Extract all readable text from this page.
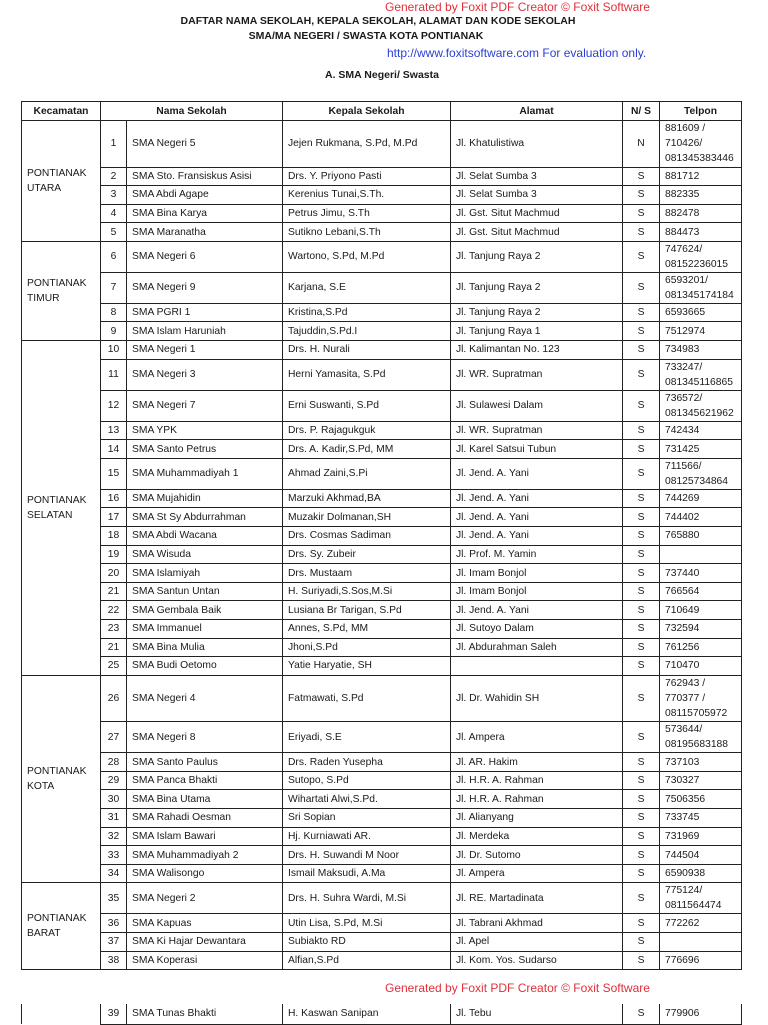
Generated by Foxit PDF Creator © Foxit Software
DAFTAR NAMA SEKOLAH, KEPALA SEKOLAH, ALAMAT DAN KODE SEKOLAH
SMA/MA NEGERI / SWASTA KOTA PONTIANAK
http://www.foxitsoftware.com For evaluation only.
A. SMA Negeri/ Swasta
Kecamatan	Nama Sekolah		Kepala Sekolah	Alamat	N/ S	Telpon
PONTIANAK
UTARA	1	SMA Negeri 5	Jejen Rukmana, S.Pd, M.Pd	Jl. Khatulistiwa	N	881609 /
710426/
081345383446
	2	SMA Sto. Fransiskus Asisi	Drs. Y. Priyono Pasti	Jl. Selat Sumba 3	S	881712
	3	SMA Abdi Agape	Kerenius Tunai,S.Th.	Jl. Selat Sumba 3	S	882335
	4	SMA Bina Karya	Petrus Jimu, S.Th	Jl. Gst. Situt Machmud	S	882478
	5	SMA Maranatha	Sutikno Lebani,S.Th	Jl. Gst. Situt Machmud	S	884473
PONTIANAK
TIMUR	6	SMA Negeri 6	Wartono, S.Pd, M.Pd	Jl. Tanjung Raya 2	S	747624/
08152236015
	7	SMA Negeri 9	Karjana, S.E	Jl. Tanjung Raya 2	S	6593201/
081345174184
	8	SMA PGRI 1	Kristina,S.Pd	Jl. Tanjung Raya 2	S	6593665
	9	SMA Islam Haruniah	Tajuddin,S.Pd.I	Jl. Tanjung Raya 1	S	7512974
PONTIANAK
SELATAN	10	SMA Negeri 1	Drs. H. Nurali	Jl. Kalimantan No. 123	S	734983
	11	SMA Negeri 3	Herni Yamasita, S.Pd	Jl. WR. Supratman	S	733247/
081345116865
	12	SMA Negeri 7	Erni Suswanti, S.Pd	Jl. Sulawesi Dalam	S	736572/
081345621962
	13	SMA YPK	Drs. P. Rajagukguk	Jl. WR. Supratman	S	742434
	14	SMA Santo Petrus	Drs. A. Kadir,S.Pd, MM	Jl. Karel Satsui Tubun	S	731425
	15	SMA Muhammadiyah 1	Ahmad Zaini,S.Pi	Jl. Jend. A. Yani	S	711566/
08125734864
	16	SMA Mujahidin	Marzuki Akhmad,BA	Jl. Jend. A. Yani	S	744269
	17	SMA St Sy Abdurrahman	Muzakir Dolmanan,SH	Jl. Jend. A. Yani	S	744402
	18	SMA Abdi Wacana	Drs. Cosmas Sadiman	Jl. Jend. A. Yani	S	765880
	19	SMA Wisuda	Drs. Sy. Zubeir	Jl. Prof. M. Yamin	S	
	20	SMA Islamiyah	Drs. Mustaam	Jl. Imam Bonjol	S	737440
	21	SMA Santun Untan	H. Suriyadi,S.Sos,M.Si	Jl. Imam Bonjol	S	766564
	22	SMA Gembala Baik	Lusiana Br Tarigan, S.Pd	Jl. Jend. A. Yani	S	710649
	23	SMA Immanuel	Annes, S.Pd, MM	Jl. Sutoyo Dalam	S	732594
	21	SMA Bina Mulia	Jhoni,S.Pd	Jl. Abdurahman Saleh	S	761256
	25	SMA Budi Oetomo	Yatie Haryatie, SH		S	710470
PONTIANAK
KOTA	26	SMA Negeri 4	Fatmawati, S.Pd	Jl. Dr. Wahidin SH	S	762943 /
770377 /
08115705972
	27	SMA Negeri 8	Eriyadi, S.E	Jl. Ampera	S	573644/
08195683188
	28	SMA Santo Paulus	Drs. Raden Yusepha	Jl. AR. Hakim	S	737103
	29	SMA Panca Bhakti	Sutopo, S.Pd	Jl. H.R. A. Rahman	S	730327
	30	SMA Bina Utama	Wihartati Alwi,S.Pd.	Jl. H.R. A. Rahman	S	7506356
	31	SMA Rahadi Oesman	Sri Sopian	Jl. Alianyang	S	733745
	32	SMA Islam Bawari	Hj. Kurniawati AR.	Jl. Merdeka	S	731969
	33	SMA Muhammadiyah 2	Drs. H. Suwandi M Noor	Jl. Dr. Sutomo	S	744504
	34	SMA Walisongo	Ismail Maksudi, A.Ma	Jl. Ampera	S	6590938
PONTIANAK
BARAT	35	SMA Negeri 2	Drs. H. Suhra Wardi, M.Si	Jl. RE. Martadinata	S	775124/
0811564474
	36	SMA Kapuas	Utin Lisa, S.Pd, M.Si	Jl. Tabrani Akhmad	S	772262
	37	SMA Ki Hajar Dewantara	Subiakto RD	Jl. Apel	S	
	38	SMA Koperasi	Alfian,S.Pd	Jl. Kom. Yos. Sudarso	S	776696
Generated by Foxit PDF Creator © Foxit Software
	39	SMA Tunas Bhakti	H. Kaswan Sanipan	Jl. Tebu	S	779906
